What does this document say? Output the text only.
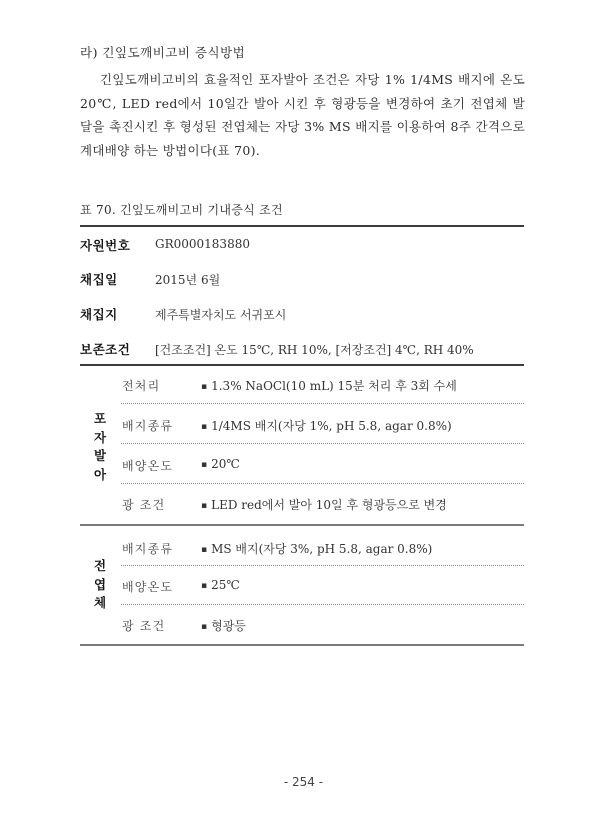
라) 긴잎도깨비고비 증식방법
긴잎도깨비고비의 효율적인 포자발아 조건은 자당 1% 1/4MS 배지에 온도 20℃, LED red에서 10일간 발아 시킨 후 형광등을 변경하여 초기 전엽체 발달을 촉진시킨 후 형성된 전엽체는 자당 3% MS 배지를 이용하여 8주 간격으로 계대배양 하는 방법이다(표 70).
표 70. 긴잎도깨비고비 기내증식 조건
자원번호 GR0000183880
채집일	2015년 6월
채집지	제주특별자치도 서귀포시
보존조건 [건조조건] 온도 15℃, RH 10%, [저장조건] 4℃, RH 40%
포
자
발
아
전처리	▪ 1.3% NaOCl(10 mL) 15분 처리 후 3회 수세
배지종류	▪ 1/4MS 배지(자당 1%, pH 5.8, agar 0.8%)
배양온도	▪ 20℃
광 조건	▪ LED red에서 발아 10일 후 형광등으로 변경
전
엽
체
배지종류	▪ MS 배지(자당 3%, pH 5.8, agar 0.8%)
배양온도	▪ 25℃
광 조건	▪ 형광등
- 254 -
